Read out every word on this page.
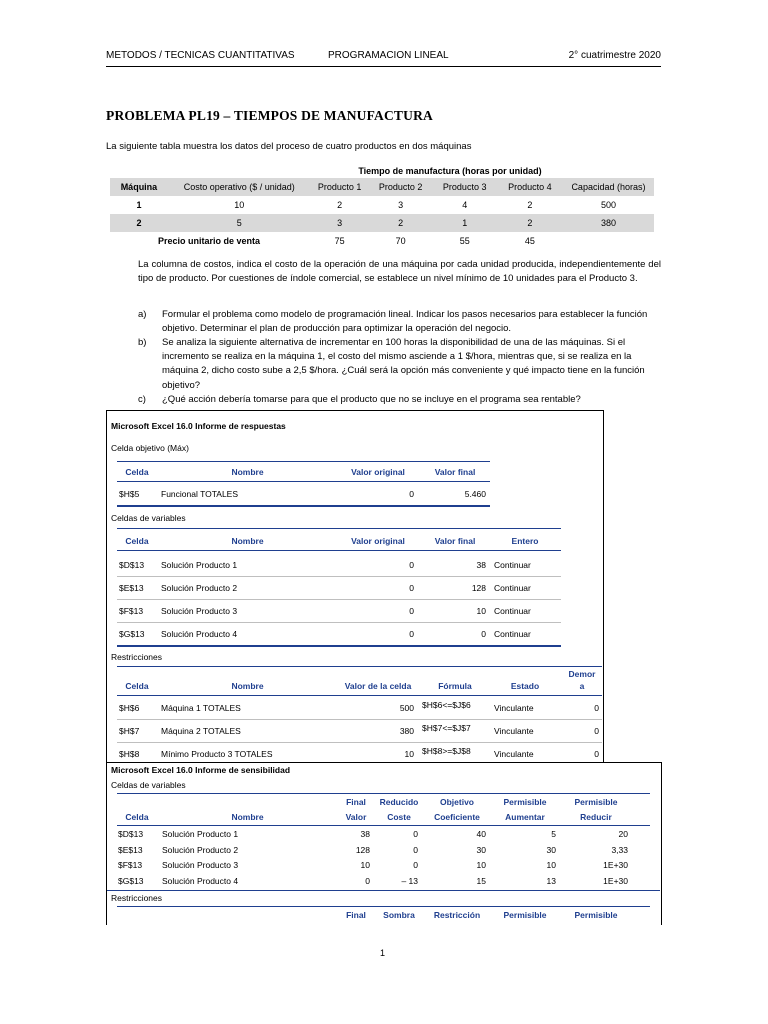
METODOS / TECNICAS CUANTITATIVAS	PROGRAMACION LINEAL	2° cuatrimestre 2020
PROBLEMA PL19 – TIEMPOS DE MANUFACTURA
La siguiente tabla muestra los datos del proceso de cuatro productos en dos máquinas
Tiempo de manufactura (horas por unidad)
Máquina	Costo operativo ($ / unidad)	Producto 1	Producto 2	Producto 3	Producto 4	Capacidad (horas)
1	10	2	3	4	2	500
2	5	3	2	1	2	380
Precio unitario de venta		75	70	55	45	
La columna de costos, indica el costo de la operación de una máquina por cada unidad producida, independientemente del tipo de producto. Por cuestiones de índole comercial, se establece un nivel mínimo de 10 unidades para el Producto 3.
a) Formular el problema como modelo de programación lineal. Indicar los pasos necesarios para establecer la función objetivo. Determinar el plan de producción para optimizar la operación del negocio.
b) Se analiza la siguiente alternativa de incrementar en 100 horas la disponibilidad de una de las máquinas. Si el incremento se realiza en la máquina 1, el costo del mismo asciende a 1 $/hora, mientras que, si se realiza en la máquina 2, dicho costo sube a 2,5 $/hora. ¿Cuál será la opción más conveniente y qué impacto tiene en la función objetivo?
c) ¿Qué acción debería tomarse para que el producto que no se incluye en el programa sea rentable?
Microsoft Excel 16.0 Informe de respuestas
Celda objetivo (Máx)
Celda	Nombre	Valor original	Valor final
$H$5	Funcional TOTALES	0	5.460
Celdas de variables
Celda	Nombre	Valor original	Valor final	Entero
$D$13 Solución Producto 1	0	38 Continuar
$E$13 Solución Producto 2	0	128 Continuar
$F$13 Solución Producto 3	0	10 Continuar
$G$13 Solución Producto 4	0	0 Continuar
Restricciones
Demor
Celda	Nombre	Valor de la celda	Fórmula	Estado	a
$H$6	Máquina 1 TOTALES	500 $H$6<=$J$6	Vinculante	0
$H$7	Máquina 2 TOTALES	380 $H$7<=$J$7	Vinculante	0
$H$8	Mínimo Producto 3 TOTALES	10 $H$8>=$J$8	Vinculante	0
Microsoft Excel 16.0 Informe de sensibilidad
Celdas de variables
Final	Reducido	Objetivo	Permisible	Permisible
Celda	Nombre	Valor	Coste	Coeficiente	Aumentar	Reducir
$D$13 Solución Producto 1	38	0	40	5	20
$E$13 Solución Producto 2	128	0	30	30	3,33
$F$13 Solución Producto 3	10	0	10	10	1E+30
$G$13 Solución Producto 4	0	– 13	15	13	1E+30
Restricciones
Final	Sombra	Restricción	Permisible	Permisible
1
